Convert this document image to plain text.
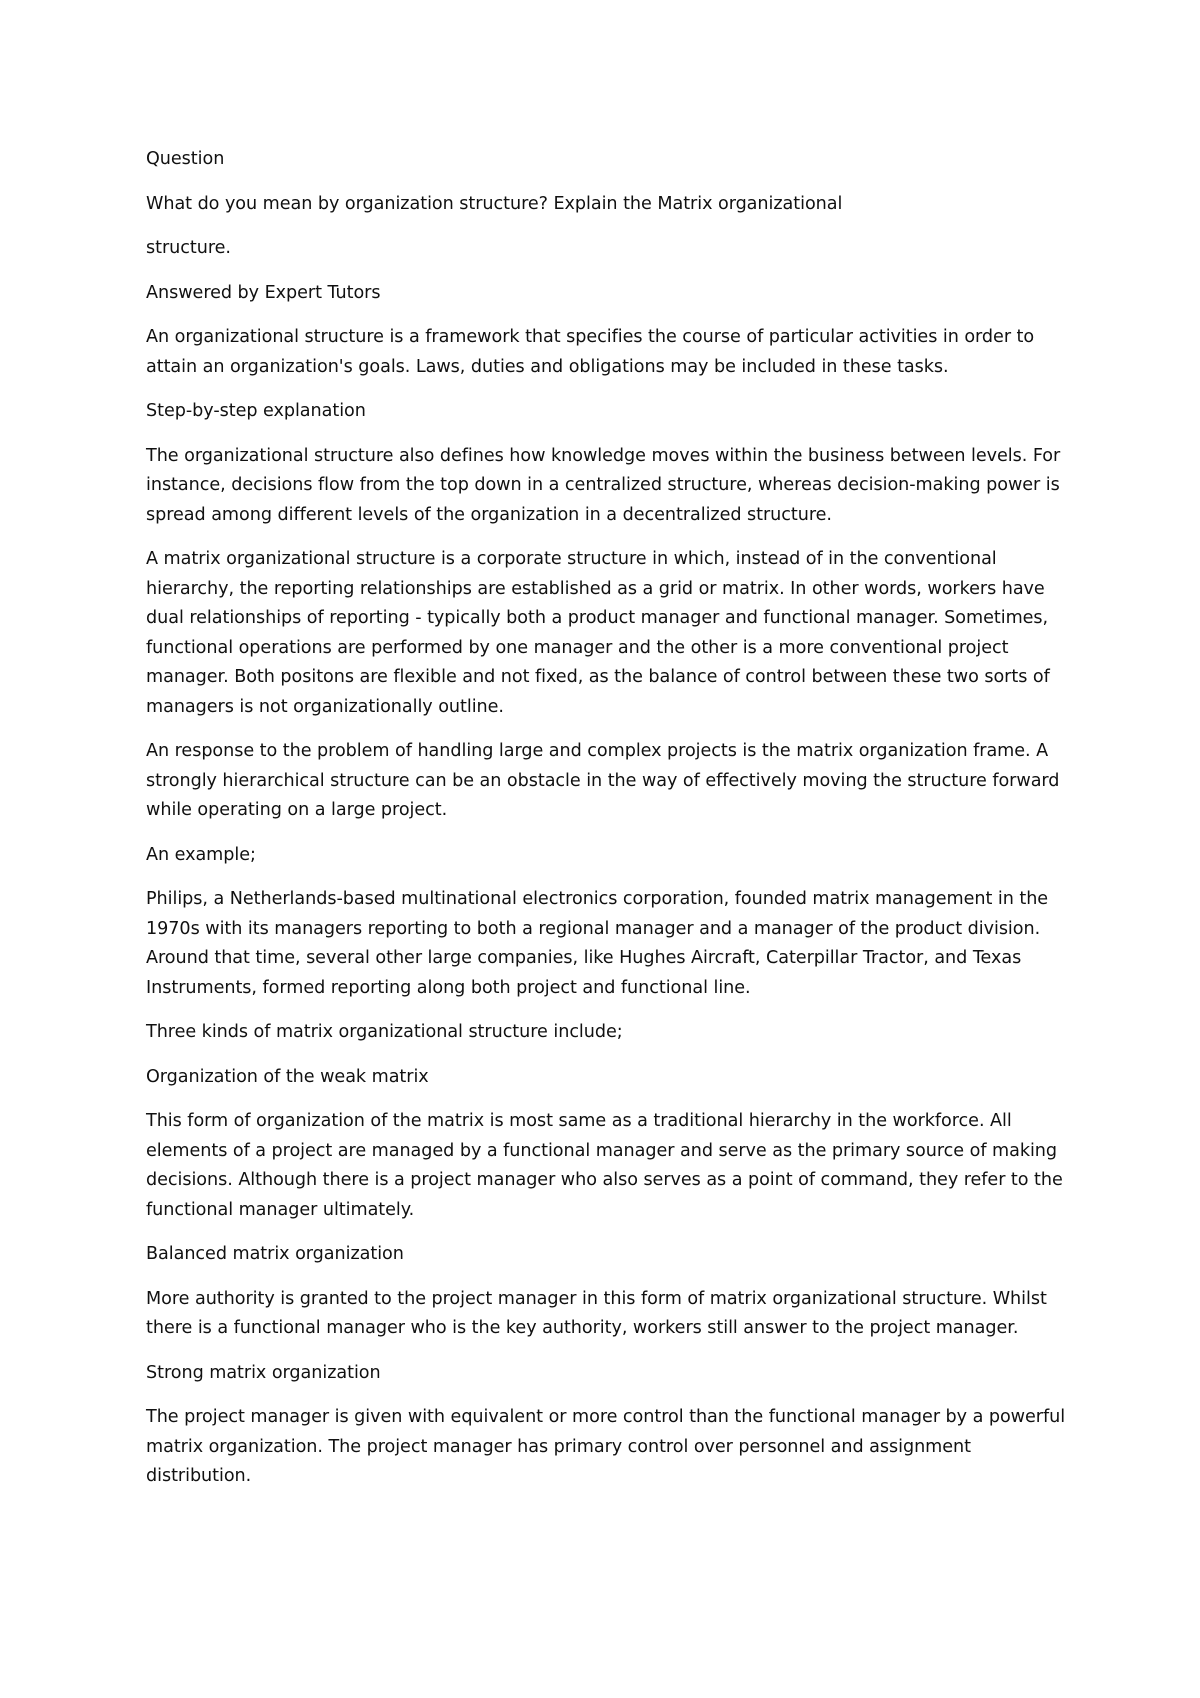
Question

What do you mean by organization structure? Explain the Matrix organizational

structure.

Answered by Expert Tutors

An organizational structure is a framework that specifies the course of particular activities in order to attain an organization's goals. Laws, duties and obligations may be included in these tasks.

Step-by-step explanation

The organizational structure also defines how knowledge moves within the business between levels. For instance, decisions flow from the top down in a centralized structure, whereas decision-making power is spread among different levels of the organization in a decentralized structure.

A matrix organizational structure is a corporate structure in which, instead of in the conventional hierarchy, the reporting relationships are established as a grid or matrix. In other words, workers have dual relationships of reporting - typically both a product manager and functional manager. Sometimes, functional operations are performed by one manager and the other is a more conventional project manager. Both positons are flexible and not fixed, as the balance of control between these two sorts of managers is not organizationally outline.

An response to the problem of handling large and complex projects is the matrix organization frame. A strongly hierarchical structure can be an obstacle in the way of effectively moving the structure forward while operating on a large project.

An example;

Philips, a Netherlands-based multinational electronics corporation, founded matrix management in the 1970s with its managers reporting to both a regional manager and a manager of the product division. Around that time, several other large companies, like Hughes Aircraft, Caterpillar Tractor, and Texas Instruments, formed reporting along both project and functional line.

Three kinds of matrix organizational structure include;

Organization of the weak matrix

This form of organization of the matrix is most same as a traditional hierarchy in the workforce. All elements of a project are managed by a functional manager and serve as the primary source of making decisions. Although there is a project manager who also serves as a point of command, they refer to the functional manager ultimately.

Balanced matrix organization

More authority is granted to the project manager in this form of matrix organizational structure. Whilst there is a functional manager who is the key authority, workers still answer to the project manager.

Strong matrix organization

The project manager is given with equivalent or more control than the functional manager by a powerful matrix organization. The project manager has primary control over personnel and assignment distribution.
